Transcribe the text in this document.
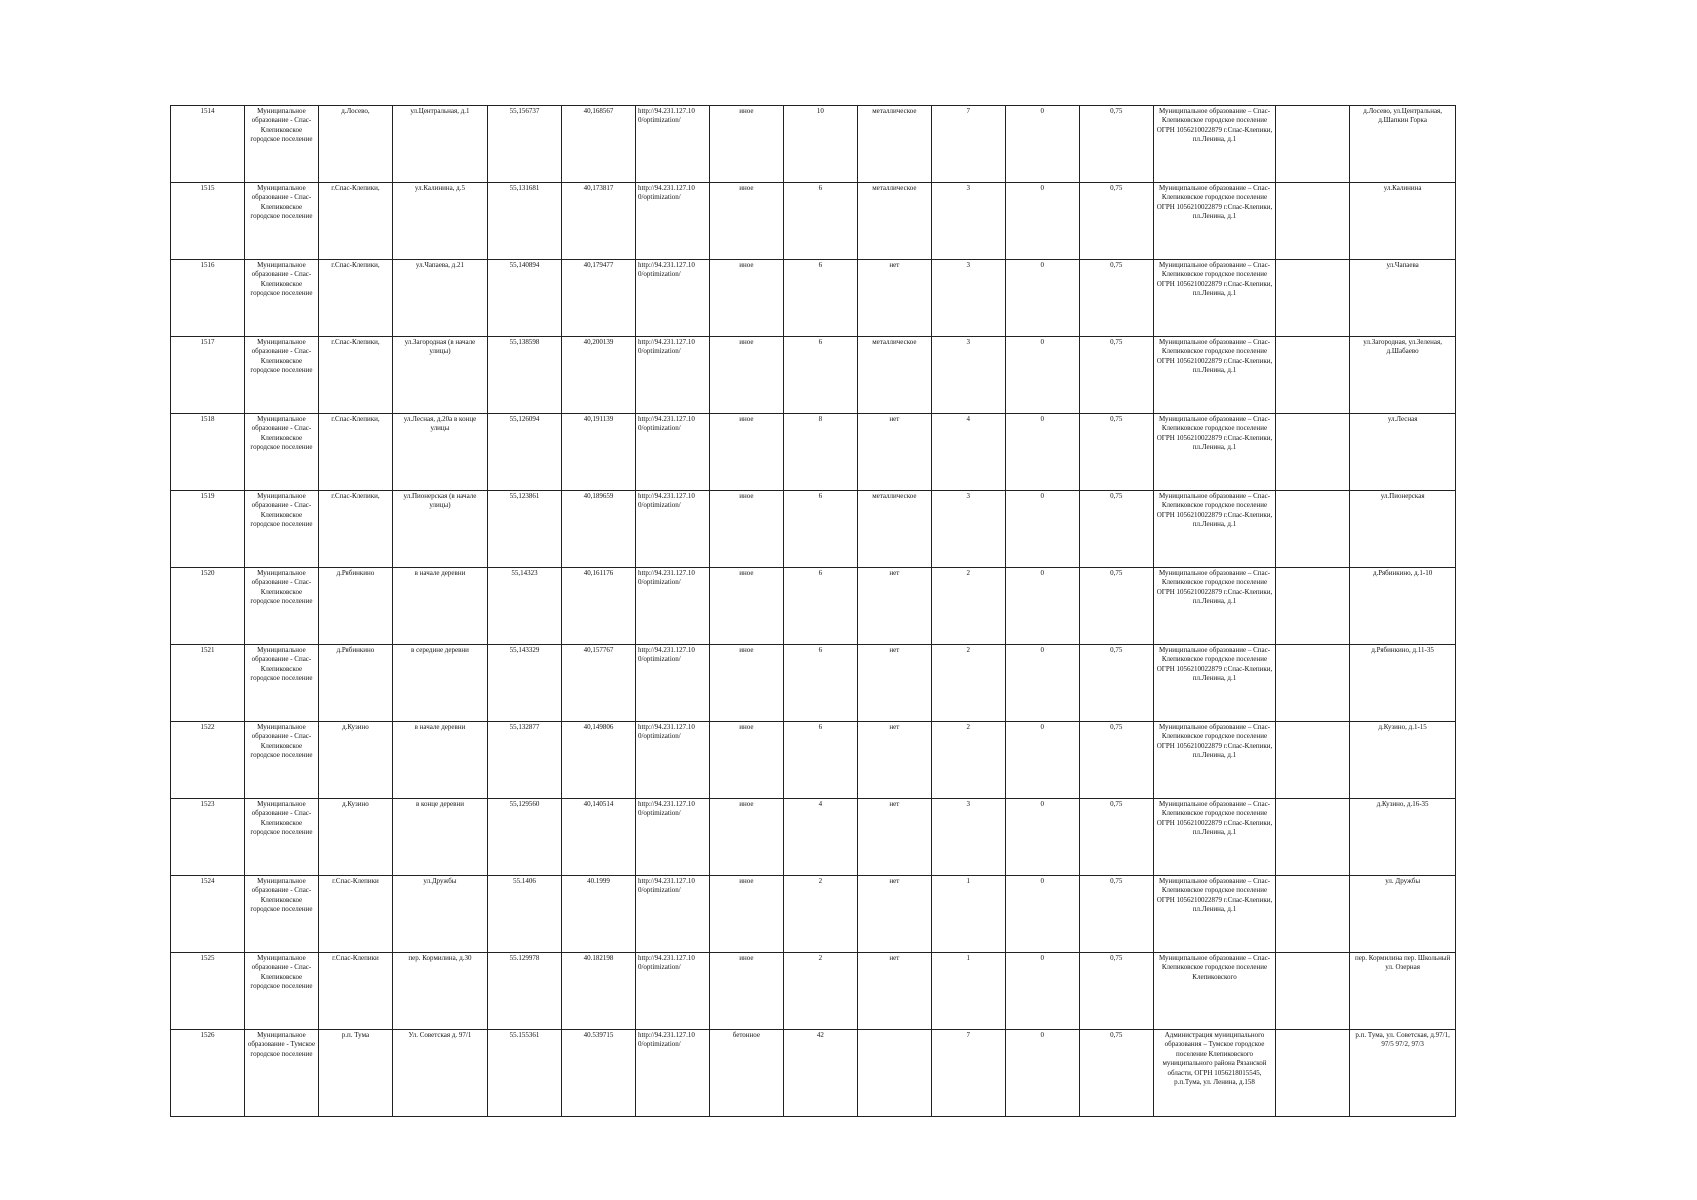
1514	Муниципальное образование - Спас-Клепиковское городское поселение	д.Лосево,	ул.Центральная, д.1	55,156737	40,168567	http://94.231.127.10 0/optimization/	иное	10	металлическое	7	0	0,75	Муниципальное образование – Спас-Клепиковское городское поселение ОГРН 1056210022879 г.Спас-Клепики, пл.Ленина, д.1		д.Лосево, ул.Центральная, д.Шапкин Горка
1515	Муниципальное образование - Спас-Клепиковское городское поселение	г.Спас-Клепики,	ул.Калинина, д.5	55,131681	40,173817	http://94.231.127.10 0/optimization/	иное	6	металлическое	3	0	0,75	Муниципальное образование – Спас-Клепиковское городское поселение ОГРН 1056210022879 г.Спас-Клепики, пл.Ленина, д.1		ул.Калинина
1516	Муниципальное образование - Спас-Клепиковское городское поселение	г.Спас-Клепики,	ул.Чапаева, д.21	55,140894	40,179477	http://94.231.127.10 0/optimization/	иное	6	нет	3	0	0,75	Муниципальное образование – Спас-Клепиковское городское поселение ОГРН 1056210022879 г.Спас-Клепики, пл.Ленина, д.1		ул.Чапаева
1517	Муниципальное образование - Спас-Клепиковское городское поселение	г.Спас-Клепики,	ул.Загородная (в начале улицы)	55,138598	40,200139	http://94.231.127.10 0/optimization/	иное	6	металлическое	3	0	0,75	Муниципальное образование – Спас-Клепиковское городское поселение ОГРН 1056210022879 г.Спас-Клепики, пл.Ленина, д.1		ул.Загородная, ул.Зеленая, д.Шабаево
1518	Муниципальное образование - Спас-Клепиковское городское поселение	г.Спас-Клепики,	ул.Лесная, д.20а в конце улицы	55,126094	40,191139	http://94.231.127.10 0/optimization/	иное	8	нет	4	0	0,75	Муниципальное образование – Спас-Клепиковское городское поселение ОГРН 1056210022879 г.Спас-Клепики, пл.Ленина, д.1		ул.Лесная
1519	Муниципальное образование - Спас-Клепиковское городское поселение	г.Спас-Клепики,	ул.Пионерская (в начале улицы)	55,123861	40,189659	http://94.231.127.10 0/optimization/	иное	6	металлическое	3	0	0,75	Муниципальное образование – Спас-Клепиковское городское поселение ОГРН 1056210022879 г.Спас-Клепики, пл.Ленина, д.1		ул.Пионерская
1520	Муниципальное образование - Спас-Клепиковское городское поселение	д.Рябинкино	в начале деревни	55,14323	40,161176	http://94.231.127.10 0/optimization/	иное	6	нет	2	0	0,75	Муниципальное образование – Спас-Клепиковское городское поселение ОГРН 1056210022879 г.Спас-Клепики, пл.Ленина, д.1		д.Рябинкино, д.1-10
1521	Муниципальное образование - Спас-Клепиковское городское поселение	д.Рябинкино	в середине деревни	55,143329	40,157767	http://94.231.127.10 0/optimization/	иное	6	нет	2	0	0,75	Муниципальное образование – Спас-Клепиковское городское поселение ОГРН 1056210022879 г.Спас-Клепики, пл.Ленина, д.1		д.Рябинкино, д.11-35
1522	Муниципальное образование - Спас-Клепиковское городское поселение	д.Кузино	в начале деревни	55,132877	40,149806	http://94.231.127.10 0/optimization/	иное	6	нет	2	0	0,75	Муниципальное образование – Спас-Клепиковское городское поселение ОГРН 1056210022879 г.Спас-Клепики, пл.Ленина, д.1		д.Кузино, д.1-15
1523	Муниципальное образование - Спас-Клепиковское городское поселение	д.Кузино	в конце деревни	55,129560	40,140514	http://94.231.127.10 0/optimization/	иное	4	нет	3	0	0,75	Муниципальное образование – Спас-Клепиковское городское поселение ОГРН 1056210022879 г.Спас-Клепики, пл.Ленина, д.1		д.Кузино, д.16-35
1524	Муниципальное образование - Спас-Клепиковское городское поселение	г.Спас-Клепики	ул.Дружбы	55.1406	40.1999	http://94.231.127.10 0/optimization/	иное	2	нет	1	0	0,75	Муниципальное образование – Спас-Клепиковское городское поселение ОГРН 1056210022879 г.Спас-Клепики, пл.Ленина, д.1		ул. Дружбы
1525	Муниципальное образование - Спас-Клепиковское городское поселение	г.Спас-Клепики	пер. Кормилина, д.30	55.129978	40.182198	http://94.231.127.10 0/optimization/	иное	2	нет	1	0	0,75	Муниципальное образование – Спас-Клепиковское городское поселение Клепиковского		пер. Кормилина пер. Школьный ул. Озерная
1526	Муниципальное образование - Тумское городское поселение	р.п. Тума	Ул. Советская д. 97/1	55.155361	40.539715	http://94.231.127.10 0/optimization/	бетонное	42		7	0	0,75	Администрация муниципального образования – Тумское городское поселение Клепиковского муниципального района Рязанской области, ОГРН 1056218015545, р.п.Тума, ул. Ленина, д.158		р.п. Тума, ул. Советская, д.97/1, 97/5 97/2, 97/3
